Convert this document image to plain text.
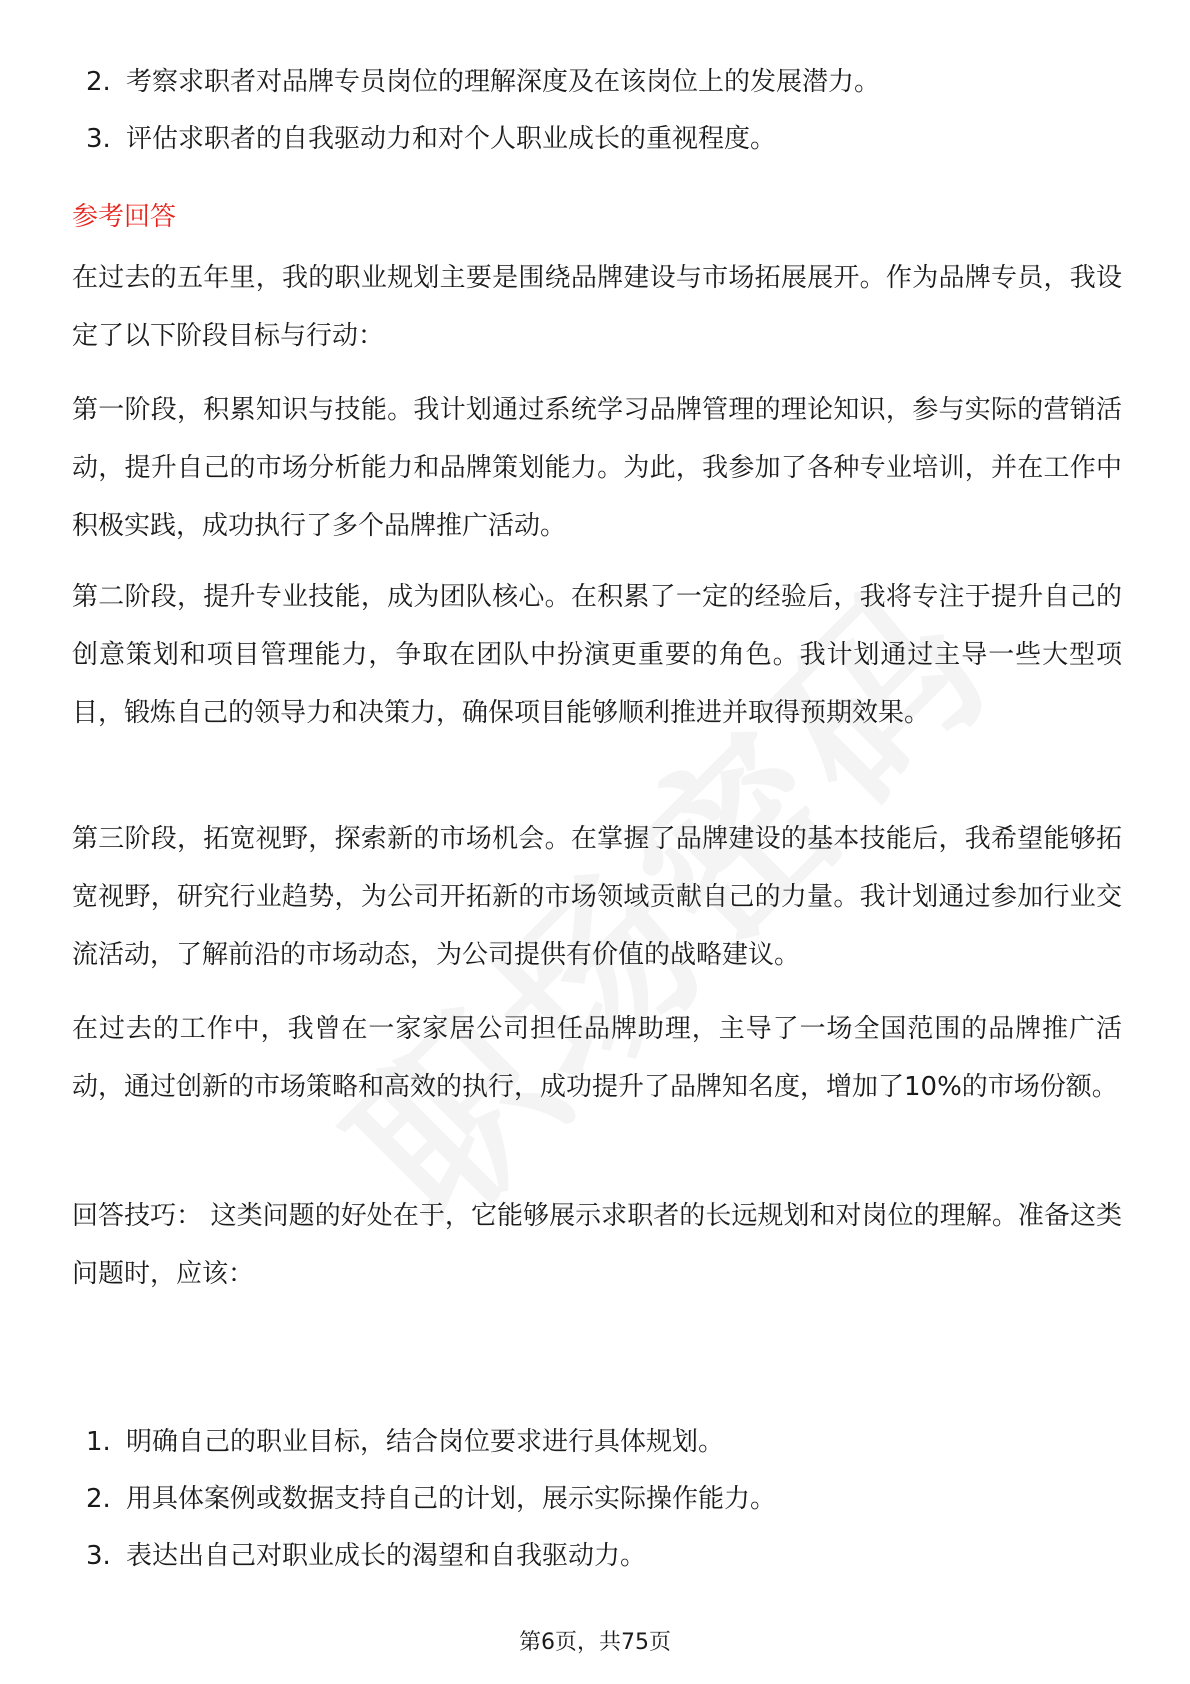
2. 考察求职者对品牌专员岗位的理解深度及在该岗位上的发展潜力。
3. 评估求职者的自我驱动力和对个人职业成长的重视程度。
参考回答

在过去的五年里，我的职业规划主要是围绕品牌建设与市场拓展展开。作为品牌专员，我设定了以下阶段目标与行动：

第一阶段，积累知识与技能。我计划通过系统学习品牌管理的理论知识，参与实际的营销活动，提升自己的市场分析能力和品牌策划能力。为此，我参加了各种专业培训，并在工作中积极实践，成功执行了多个品牌推广活动。

第二阶段，提升专业技能，成为团队核心。在积累了一定的经验后，我将专注于提升自己的创意策划和项目管理能力，争取在团队中扮演更重要的角色。我计划通过主导一些大型项目，锻炼自己的领导力和决策力，确保项目能够顺利推进并取得预期效果。

第三阶段，拓宽视野，探索新的市场机会。在掌握了品牌建设的基本技能后，我希望能够拓宽视野，研究行业趋势，为公司开拓新的市场领域贡献自己的力量。我计划通过参加行业交流活动，了解前沿的市场动态，为公司提供有价值的战略建议。

在过去的工作中，我曾在一家家居公司担任品牌助理，主导了一场全国范围的品牌推广活动，通过创新的市场策略和高效的执行，成功提升了品牌知名度，增加了10%的市场份额。

回答技巧： 这类问题的好处在于，它能够展示求职者的长远规划和对岗位的理解。准备这类问题时，应该：

1. 明确自己的职业目标，结合岗位要求进行具体规划。
2. 用具体案例或数据支持自己的计划，展示实际操作能力。
3. 表达出自己对职业成长的渴望和自我驱动力。
第6页，共75页
